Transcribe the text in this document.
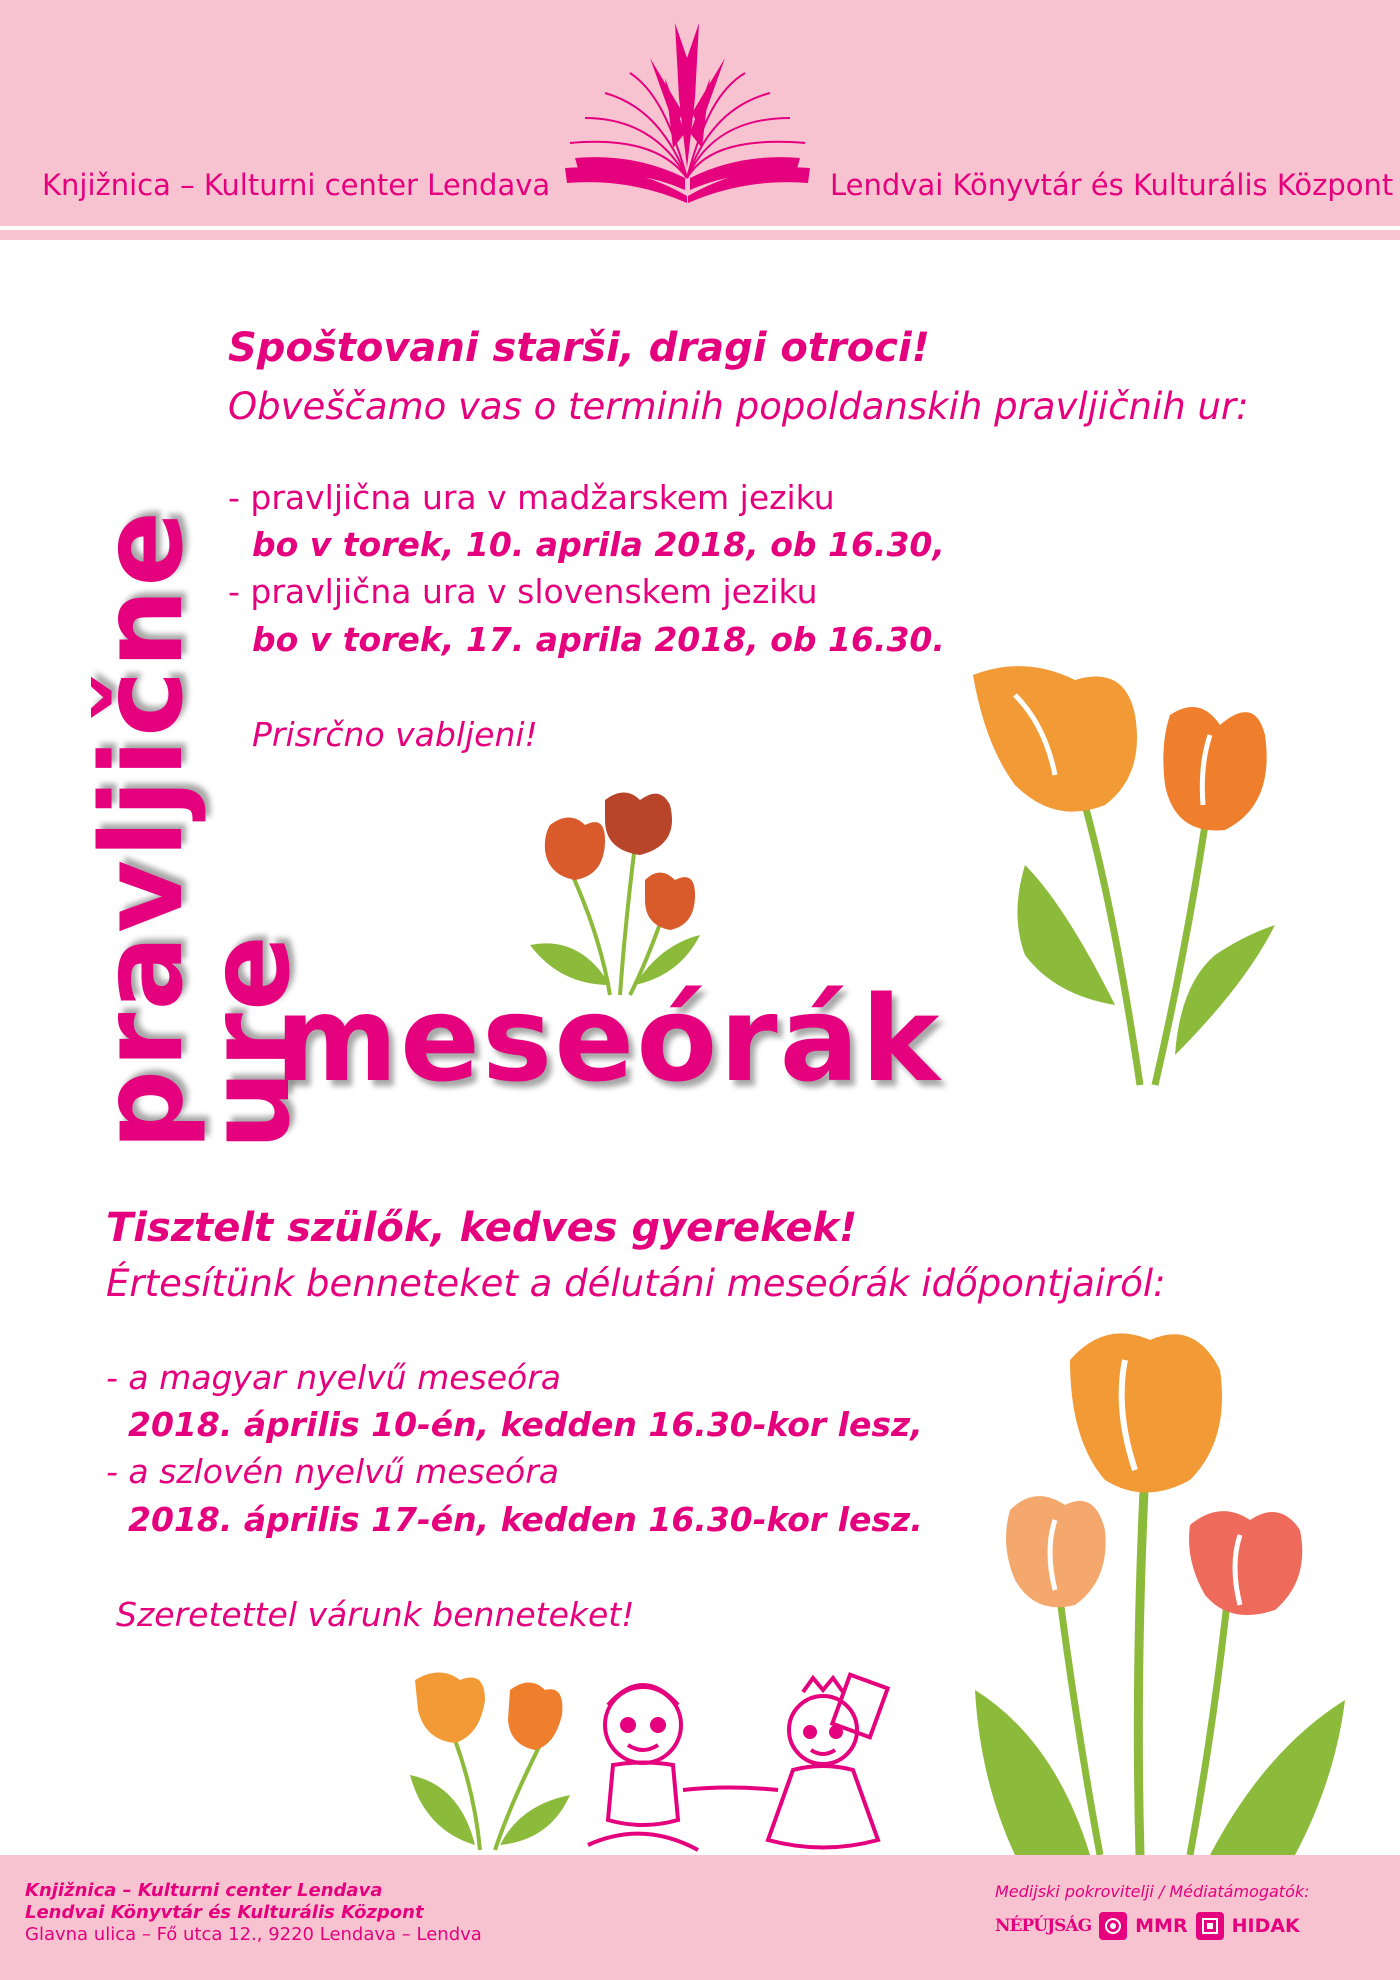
Knjižnica – Kulturni center Lendava	Lendvai Könyvtár és Kulturális Központ
pravljične
ure
meseórák
Spoštovani starši, dragi otroci!
Obveščamo vas o terminih popoldanskih pravljičnih ur:
- pravljična ura v madžarskem jeziku
bo v torek, 10. aprila 2018, ob 16.30,
- pravljična ura v slovenskem jeziku
bo v torek, 17. aprila 2018, ob 16.30.
Prisrčno vabljeni!
Tisztelt szülők, kedves gyerekek!
Értesítünk benneteket a délutáni meseórák időpontjairól:
- a magyar nyelvű meseóra
2018. április 10-én, kedden 16.30-kor lesz,
- a szlovén nyelvű meseóra
2018. április 17-én, kedden 16.30-kor lesz.
Szeretettel várunk benneteket!
Knjižnica – Kulturni center Lendava
Lendvai Könyvtár és Kulturális Központ
Glavna ulica – Fő utca 12., 9220 Lendava – Lendva
Medijski pokrovitelji / Médiatámogatók:
NÉPÚJSÁG MMR HIDAK
